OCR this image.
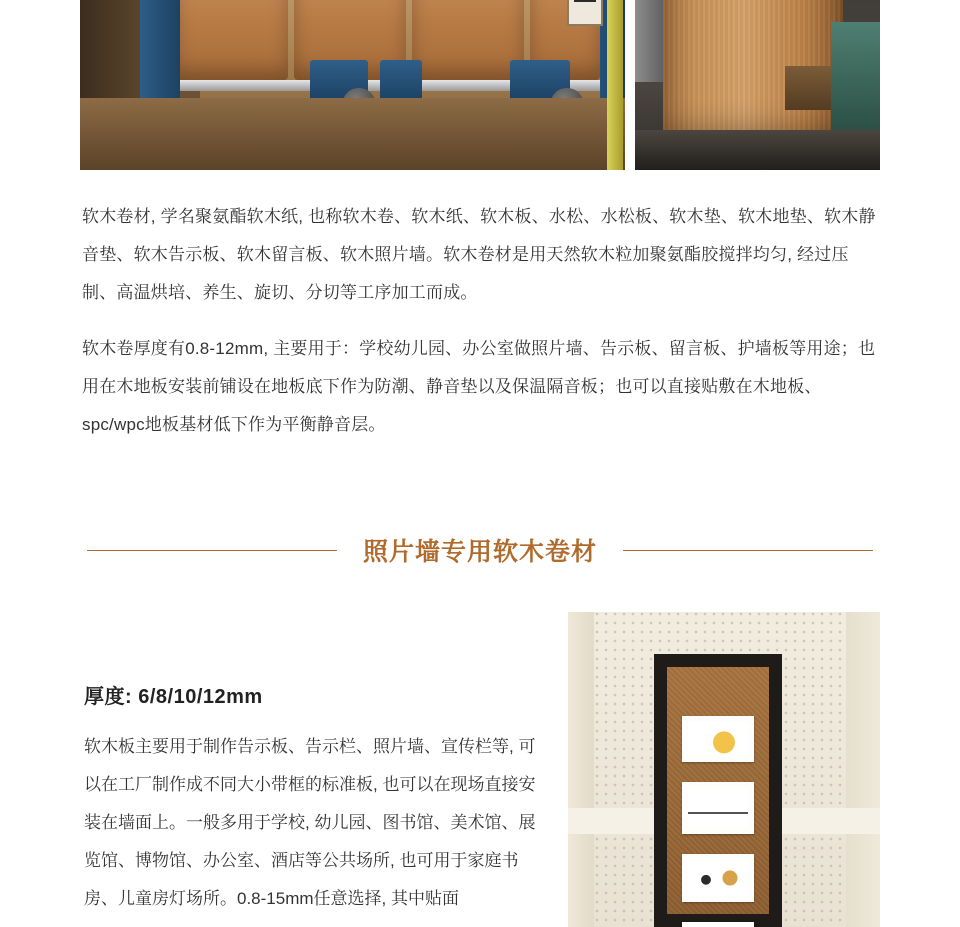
软木卷材, 学名聚氨酯软木纸, 也称软木卷、软木纸、软木板、水松、水松板、软木垫、软木地垫、软木静音垫、软木告示板、软木留言板、软木照片墙。软木卷材是用天然软木粒加聚氨酯胶搅拌均匀, 经过压制、高温烘培、养生、旋切、分切等工序加工而成。

软木卷厚度有0.8-12mm, 主要用于：学校幼儿园、办公室做照片墙、告示板、留言板、护墙板等用途；也用在木地板安装前铺设在地板底下作为防潮、静音垫以及保温隔音板；也可以直接贴敷在木地板、spc/wpc地板基材低下作为平衡静音层。

照片墙专用软木卷材
厚度: 6/8/10/12mm
软木板主要用于制作告示板、告示栏、照片墙、宣传栏等, 可以在工厂制作成不同大小带框的标准板, 也可以在现场直接安装在墙面上。一般多用于学校, 幼儿园、图书馆、美术馆、展览馆、博物馆、办公室、酒店等公共场所, 也可用于家庭书房、儿童房灯场所。0.8-15mm任意选择, 其中贴面
